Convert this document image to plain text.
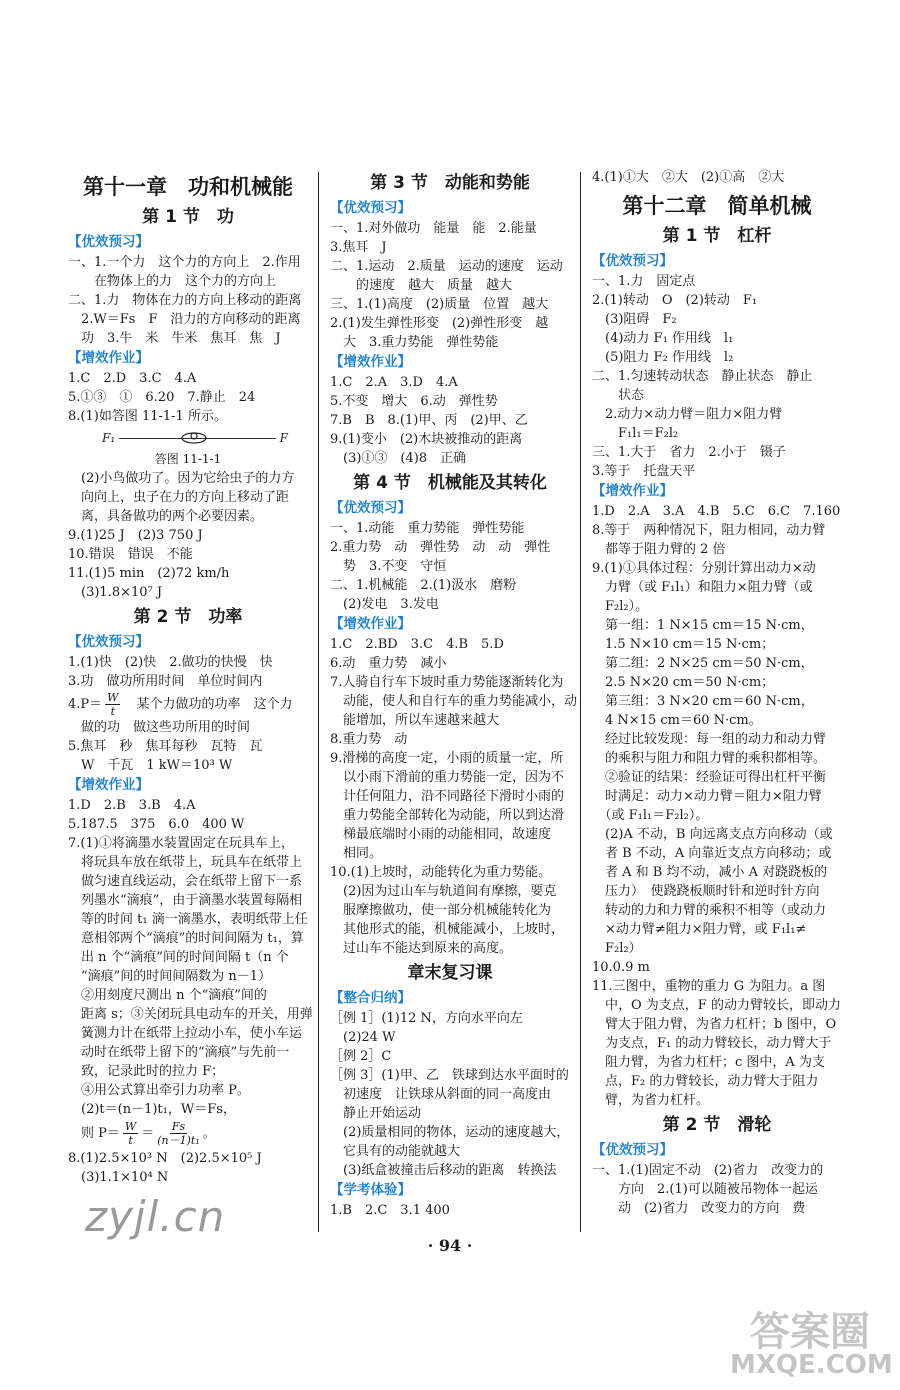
第十一章　功和机械能
第 1 节　功
【优效预习】
一、1.一个力　这个力的方向上　2.作用
　　在物体上的力　这个力的方向上
二、1.力　物体在力的方向上移动的距离
　2.W＝Fs　F　沿力的方向移动的距离
　功　3.牛　米　牛米　焦耳　焦　J
【增效作业】
1.C　2.D　3.C　4.A
5.①③　①　6.20　7.静止　24
8.(1)如答图 11-1-1 所示。
F₁	F
答图 11-1-1
　(2)小鸟做功了。因为它给虫子的力方
　向向上，虫子在力的方向上移动了距
　离，具备做功的两个必要因素。
9.(1)25 J　(2)3 750 J
10.错误　错误　不能
11.(1)5 min　(2)72 km/h
　(3)1.8×10⁷ J
第 2 节　功率
【优效预习】
1.(1)快　(2)快　2.做功的快慢　快
3.功　做功所用时间　单位时间内
$4.P= \frac{W}{t}$ 　某个力做功的功率　这个力
　做的功　做这些功所用的时间
5.焦耳　秒　焦耳每秒　瓦特　瓦
　W　千瓦　1 kW＝10³ W
【增效作业】
1.D　2.B　3.B　4.A
5.187.5　375　6.0　400 W
7.(1)①将滴墨水装置固定在玩具车上，
　将玩具车放在纸带上，玩具车在纸带上
　做匀速直线运动，会在纸带上留下一系
　列墨水“滴痕”，由于滴墨水装置每隔相
　等的时间 t₁ 滴一滴墨水，表明纸带上任
　意相邻两个“滴痕”的时间间隔为 t₁，算
　出 n 个“滴痕”间的时间间隔 t（n 个
　“滴痕”间的时间间隔数为 n－1）
　②用刻度尺测出 n 个“滴痕”间的
　距离 s；③关闭玩具电动车的开关，用弹
　簧测力计在纸带上拉动小车，使小车运
　动时在纸带上留下的“滴痕”与先前一
　致，记录此时的拉力 F；
　④用公式算出牵引力功率 P。
　(2)t＝(n－1)t₁，W＝Fs，
　则 $P= \frac{W}{t} = \frac{Fs}{\text{(n－1)t₁}}$ 。
8.(1)2.5×10³ N　(2)2.5×10⁵ J
　(3)1.1×10⁴ N
第 3 节　动能和势能
【优效预习】
一、1.对外做功　能量　能　2.能量
3.焦耳　J
二、1.运动　2.质量　运动的速度　运动
　　的速度　越大　质量　越大
三、1.(1)高度　(2)质量　位置　越大
2.(1)发生弹性形变　(2)弹性形变　越
　大　3.重力势能　弹性势能
【增效作业】
1.C　2.A　3.D　4.A
5.不变　增大　6.动　弹性势
7.B　B　8.(1)甲、丙　(2)甲、乙
9.(1)变小　(2)木块被推动的距离
　(3)①③　(4)8　正确
第 4 节　机械能及其转化
【优效预习】
一、1.动能　重力势能　弹性势能
2.重力势　动　弹性势　动　动　弹性
　势　3.不变　守恒
二、1.机械能　2.(1)汲水　磨粉
　(2)发电　3.发电
【增效作业】
1.C　2.BD　3.C　4.B　5.D
6.动　重力势　减小
7.人骑自行车下坡时重力势能逐渐转化为
　动能，使人和自行车的重力势能减小，动
　能增加，所以车速越来越大
8.重力势　动
9.滑梯的高度一定，小雨的质量一定，所
　以小雨下滑前的重力势能一定，因为不
　计任何阻力，沿不同路径下滑时小雨的
　重力势能全部转化为动能，所以到达滑
　梯最底端时小雨的动能相同，故速度
　相同。
10.(1)上坡时，动能转化为重力势能。
　(2)因为过山车与轨道间有摩擦，要克
　服摩擦做功，使一部分机械能转化为
　其他形式的能，机械能减小，上坡时，
　过山车不能达到原来的高度。
章末复习课
【整合归纳】
［例 1］(1)12 N，方向水平向左
　(2)24 W
［例 2］C
［例 3］(1)甲、乙　铁球到达水平面时的
　初速度　让铁球从斜面的同一高度由
　静止开始运动
　(2)质量相同的物体，运动的速度越大，
　它具有的动能就越大
　(3)纸盒被撞击后移动的距离　转换法
【学考体验】
1.B　2.C　3.1 400
4.(1)①大　②大　(2)①高　②大
第十二章　简单机械
第 1 节　杠杆
【优效预习】
一、1.力　固定点
2.(1)转动　O　(2)转动　F₁
　(3)阻碍　F₂
　(4)动力 F₁ 作用线　l₁
　(5)阻力 F₂ 作用线　l₂
二、1.匀速转动状态　静止状态　静止
　　状态
　2.动力×动力臂＝阻力×阻力臂
　　F₁l₁＝F₂l₂
三、1.大于　省力　2.小于　镊子
3.等于　托盘天平
【增效作业】
1.D　2.A　3.A　4.B　5.C　6.C　7.160
8.等于　两种情况下，阻力相同，动力臂
　都等于阻力臂的 2 倍
9.(1)①具体过程：分别计算出动力×动
　力臂（或 F₁l₁）和阻力×阻力臂（或
　F₂l₂）。
　第一组：1 N×15 cm＝15 N·cm，
　1.5 N×10 cm＝15 N·cm；
　第二组：2 N×25 cm＝50 N·cm，
　2.5 N×20 cm＝50 N·cm；
　第三组：3 N×20 cm＝60 N·cm，
　4 N×15 cm＝60 N·cm。
　经过比较发现：每一组的动力和动力臂
　的乘积与阻力和阻力臂的乘积都相等。
　②验证的结果：经验证可得出杠杆平衡
　时满足：动力×动力臂＝阻力×阻力臂
　（或 F₁l₁＝F₂l₂）。
　(2)A 不动，B 向远离支点方向移动（或
　者 B 不动，A 向靠近支点方向移动；或
　者 A 和 B 均不动，减小 A 对跷跷板的
　压力）　使跷跷板顺时针和逆时针方向
　转动的力和力臂的乘积不相等（或动力
　×动力臂≠阻力×阻力臂，或 F₁l₁≠
　F₂l₂）
10.0.9 m
11.三图中，重物的重力 G 为阻力。a 图
　中，O 为支点，F 的动力臂较长，即动力
　臂大于阻力臂，为省力杠杆；b 图中，O
　为支点，F₁ 的动力臂较长，动力臂大于
　阻力臂，为省力杠杆；c 图中，A 为支
　点，F₂ 的力臂较长，动力臂大于阻力
　臂，为省力杠杆。
第 2 节　滑轮
【优效预习】
一、1.(1)固定不动　(2)省力　改变力的
　　方向　2.(1)可以随被吊物体一起运
　　动　(2)省力　改变力的方向　费
· 94 ·
zyjl.cn
答案圈
MXQE.COM
